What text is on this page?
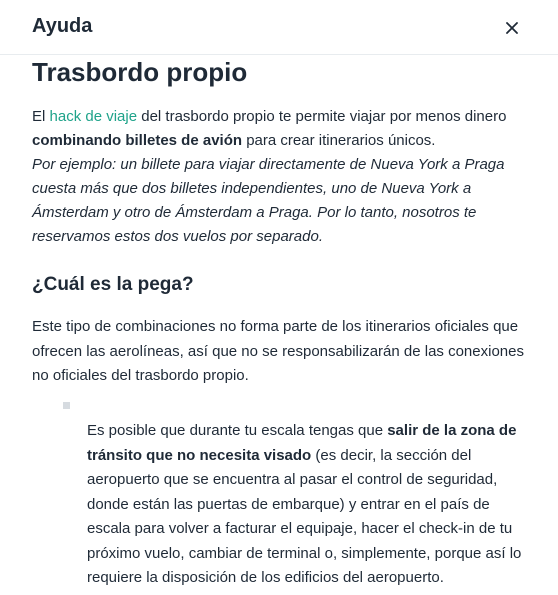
Ayuda
Trasbordo propio

El hack de viaje del trasbordo propio te permite viajar por menos dinero combinando billetes de avión para crear itinerarios únicos.
Por ejemplo: un billete para viajar directamente de Nueva York a Praga cuesta más que dos billetes independientes, uno de Nueva York a Ámsterdam y otro de Ámsterdam a Praga. Por lo tanto, nosotros te reservamos estos dos vuelos por separado.

¿Cuál es la pega?

Este tipo de combinaciones no forma parte de los itinerarios oficiales que ofrecen las aerolíneas, así que no se responsabilizarán de las conexiones no oficiales del trasbordo propio.

Es posible que durante tu escala tengas que salir de la zona de tránsito que no necesita visado (es decir, la sección del aeropuerto que se encuentra al pasar el control de seguridad, donde están las puertas de embarque) y entrar en el país de escala para volver a facturar el equipaje, hacer el check-in de tu próximo vuelo, cambiar de terminal o, simplemente, porque así lo requiere la disposición de los edificios del aeropuerto.
